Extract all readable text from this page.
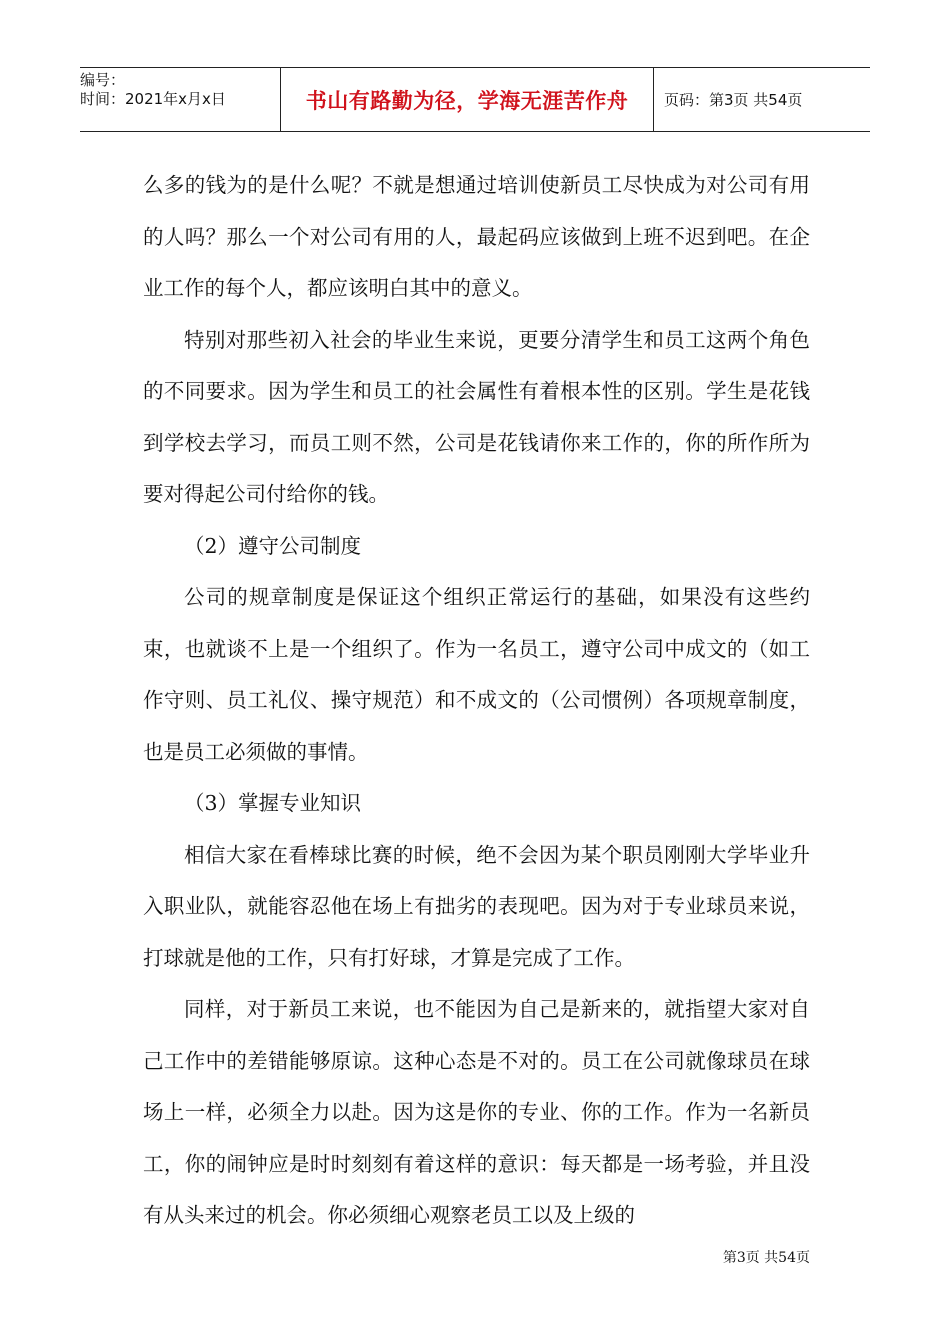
编号：
时间：2021年x月x日	书山有路勤为径，学海无涯苦作舟 页码：第3页 共54页

么多的钱为的是什么呢？不就是想通过培训使新员工尽快成为对公司有用的人吗？那么一个对公司有用的人，最起码应该做到上班不迟到吧。在企业工作的每个人，都应该明白其中的意义。

特别对那些初入社会的毕业生来说，更要分清学生和员工这两个角色的不同要求。因为学生和员工的社会属性有着根本性的区别。学生是花钱到学校去学习，而员工则不然，公司是花钱请你来工作的，你的所作所为要对得起公司付给你的钱。

（2）遵守公司制度

公司的规章制度是保证这个组织正常运行的基础，如果没有这些约束，也就谈不上是一个组织了。作为一名员工，遵守公司中成文的（如工作守则、员工礼仪、操守规范）和不成文的（公司惯例）各项规章制度，也是员工必须做的事情。

（3）掌握专业知识

相信大家在看棒球比赛的时候，绝不会因为某个职员刚刚大学毕业升入职业队，就能容忍他在场上有拙劣的表现吧。因为对于专业球员来说，打球就是他的工作，只有打好球，才算是完成了工作。

同样，对于新员工来说，也不能因为自己是新来的，就指望大家对自己工作中的差错能够原谅。这种心态是不对的。员工在公司就像球员在球场上一样，必须全力以赴。因为这是你的专业、你的工作。作为一名新员工，你的闹钟应是时时刻刻有着这样的意识：每天都是一场考验，并且没有从头来过的机会。你必须细心观察老员工以及上级的

第3页 共54页
